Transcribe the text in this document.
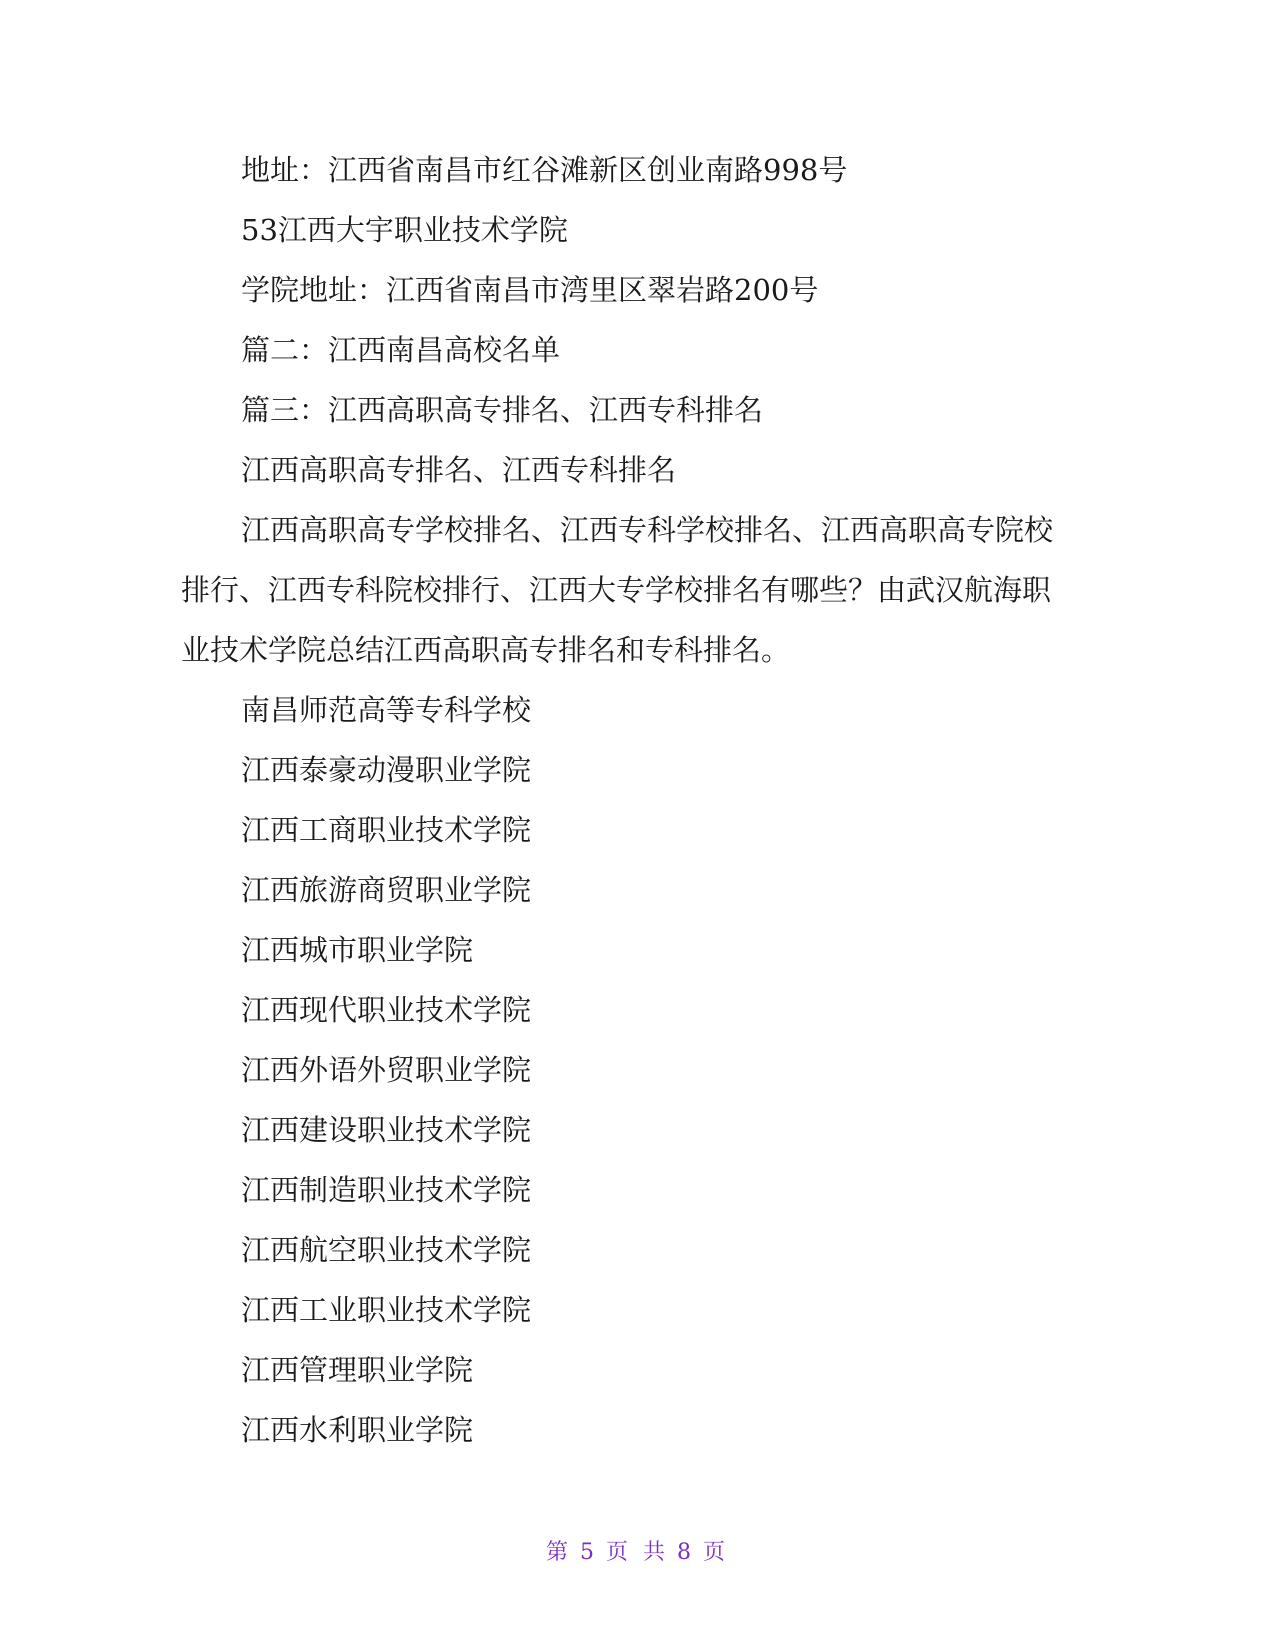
地址：江西省南昌市红谷滩新区创业南路998号

53江西大宇职业技术学院

学院地址：江西省南昌市湾里区翠岩路200号

篇二：江西南昌高校名单

篇三：江西高职高专排名、江西专科排名

江西高职高专排名、江西专科排名

江西高职高专学校排名、江西专科学校排名、江西高职高专院校排行、江西专科院校排行、江西大专学校排名有哪些？由武汉航海职业技术学院总结江西高职高专排名和专科排名。

南昌师范高等专科学校

江西泰豪动漫职业学院

江西工商职业技术学院

江西旅游商贸职业学院

江西城市职业学院

江西现代职业技术学院

江西外语外贸职业学院

江西建设职业技术学院

江西制造职业技术学院

江西航空职业技术学院

江西工业职业技术学院

江西管理职业学院

江西水利职业学院

第 5 页 共 8 页
